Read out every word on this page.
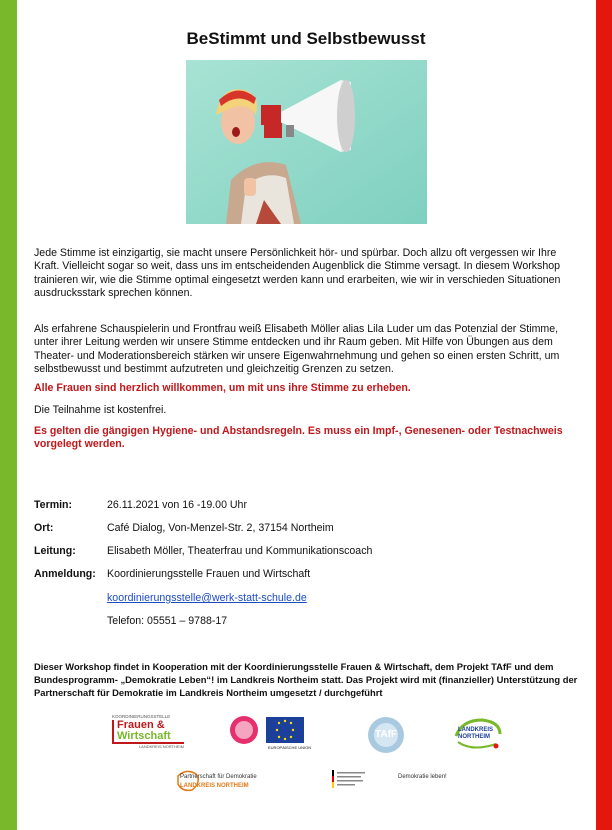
BeStimmt und Selbstbewusst
Jede Stimme ist einzigartig, sie macht unsere Persönlichkeit hör- und spürbar. Doch allzu oft vergessen wir Ihre Kraft. Vielleicht sogar so weit, dass uns im entscheidenden Augenblick die Stimme versagt. In diesem Workshop trainieren wir, wie die Stimme optimal eingesetzt werden kann und erarbeiten, wie wir in verschieden Situationen ausdrucksstark sprechen können.
Als erfahrene Schauspielerin und Frontfrau weiß Elisabeth Möller alias Lila Luder um das Potenzial der Stimme, unter ihrer Leitung werden wir unsere Stimme entdecken und ihr Raum geben. Mit Hilfe von Übungen aus dem Theater- und Moderationsbereich stärken wir unsere Eigenwahrnehmung und gehen so einen ersten Schritt, um selbstbewusst und bestimmt aufzutreten und gleichzeitig Grenzen zu setzen.
Alle Frauen sind herzlich willkommen, um mit uns ihre Stimme zu erheben.
Die Teilnahme ist kostenfrei.
Es gelten die gängigen Hygiene- und Abstandsregeln. Es muss ein Impf-, Genesenen- oder Testnachweis vorgelegt werden.
Termin:	26.11.2021 von 16 -19.00 Uhr
Ort:	Café Dialog, Von-Menzel-Str. 2, 37154 Northeim
Leitung:	Elisabeth Möller, Theaterfrau und Kommunikationscoach
Anmeldung: Koordinierungsstelle Frauen und Wirtschaft
koordinierungsstelle@werk-statt-schule.de
Telefon: 05551 – 9788-17
Dieser Workshop findet in Kooperation mit der Koordinierungsstelle Frauen & Wirtschaft, dem Projekt TAfF und dem Bundesprogramm- „Demokratie Leben“! im Landkreis Northeim statt. Das Projekt wird mit (finanzieller) Unterstützung der Partnerschaft für Demokratie im Landkreis Northeim umgesetzt / durchgeführt
KOORDINIERUNGSSTELLE
Frauen &
Wirtschaft
LANDKREIS NORTHEIM	EUROPÄISCHE UNION
TAfF	LANDKREIS
NORTHEIM
Partnerschaft für Demokratie
LANDKREIS NORTHEIM
Demokratie leben!
